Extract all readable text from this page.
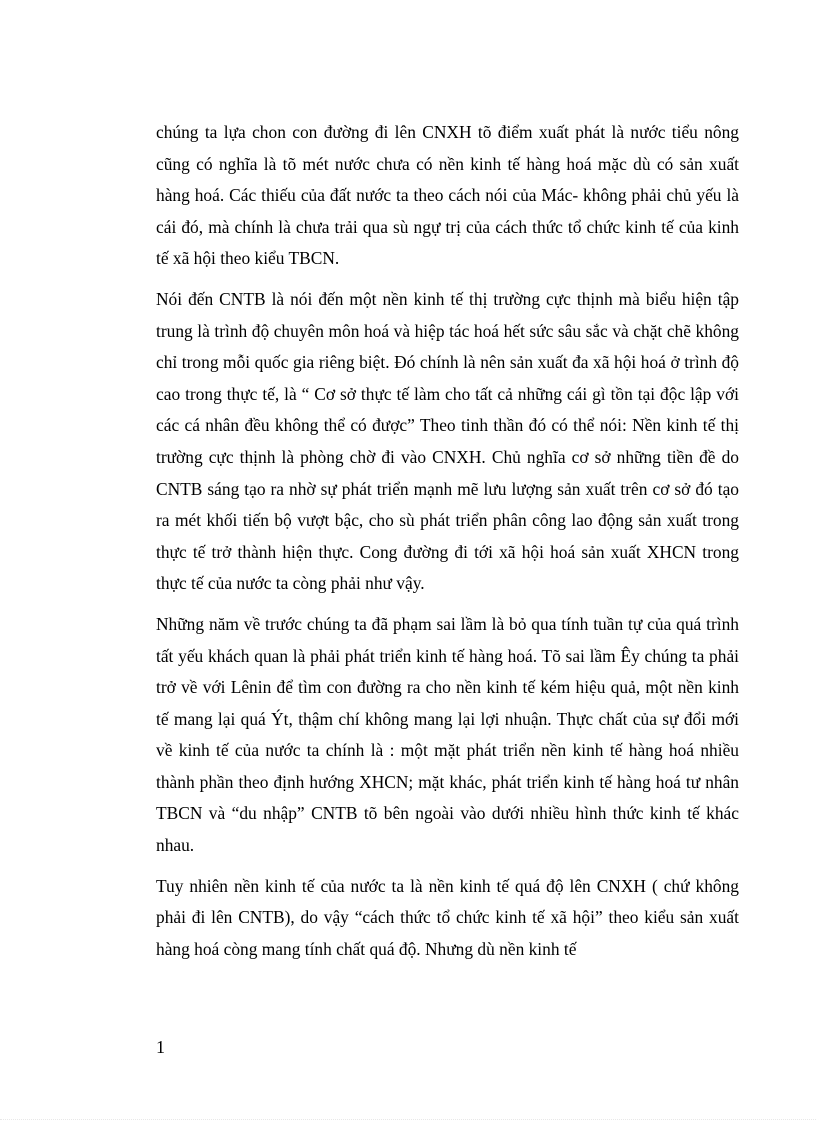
chúng ta lựa chon con đường đi lên CNXH tõ điểm xuất phát là nước tiểu nông cũng có nghĩa là tõ mét nước chưa có nền kinh tế hàng hoá mặc dù có sản xuất hàng hoá. Các thiếu của đất nước ta theo cách nói của Mác- không phải chủ yếu là cái đó, mà chính là chưa trải qua sù ngự trị của cách thức tổ chức kinh tế của kinh tế xã hội theo kiểu TBCN.

Nói đến CNTB là nói đến một nền kinh tế thị trường cực thịnh mà biểu hiện tập trung là trình độ chuyên môn hoá và hiệp tác hoá hết sức sâu sắc và chặt chẽ không chỉ trong mỗi quốc gia riêng biệt. Đó chính là nên sản xuất đa xã hội hoá ở trình độ cao trong thực tế, là “ Cơ sở thực tế làm cho tất cả những cái gì tồn tại độc lập với các cá nhân đều không thể có được” Theo tinh thần đó có thể nói: Nền kinh tế thị trường cực thịnh là phòng chờ đi vào CNXH. Chủ nghĩa cơ sở những tiền đề do CNTB sáng tạo ra nhờ sự phát triển mạnh mẽ lưu lượng sản xuất trên cơ sở đó tạo ra mét khối tiến bộ vượt bậc, cho sù phát triển phân công lao động sản xuất trong thực tế trở thành hiện thực. Cong đường đi tới xã hội hoá sản xuất XHCN trong thực tế của nước ta còng phải như vậy.

Những năm về trước chúng ta đã phạm sai lầm là bỏ qua tính tuần tự của quá trình tất yếu khách quan là phải phát triển kinh tế hàng hoá. Tõ sai lầm Êy chúng ta phải trở về với Lênin để tìm con đường ra cho nền kinh tế kém hiệu quả, một nền kinh tế mang lại quá Ýt, thậm chí không mang lại lợi nhuận. Thực chất của sự đổi mới về kinh tế của nước ta chính là : một mặt phát triển nền kinh tế hàng hoá nhiều thành phần theo định hướng XHCN; mặt khác, phát triển kinh tế hàng hoá tư nhân TBCN và “du nhập” CNTB tõ bên ngoài vào dưới nhiều hình thức kinh tế khác nhau.

Tuy nhiên nền kinh tế của nước ta là nền kinh tế quá độ lên CNXH ( chứ không phải đi lên CNTB), do vậy “cách thức tổ chức kinh tế xã hội” theo kiểu sản xuất hàng hoá còng mang tính chất quá độ. Nhưng dù nền kinh tế

1
